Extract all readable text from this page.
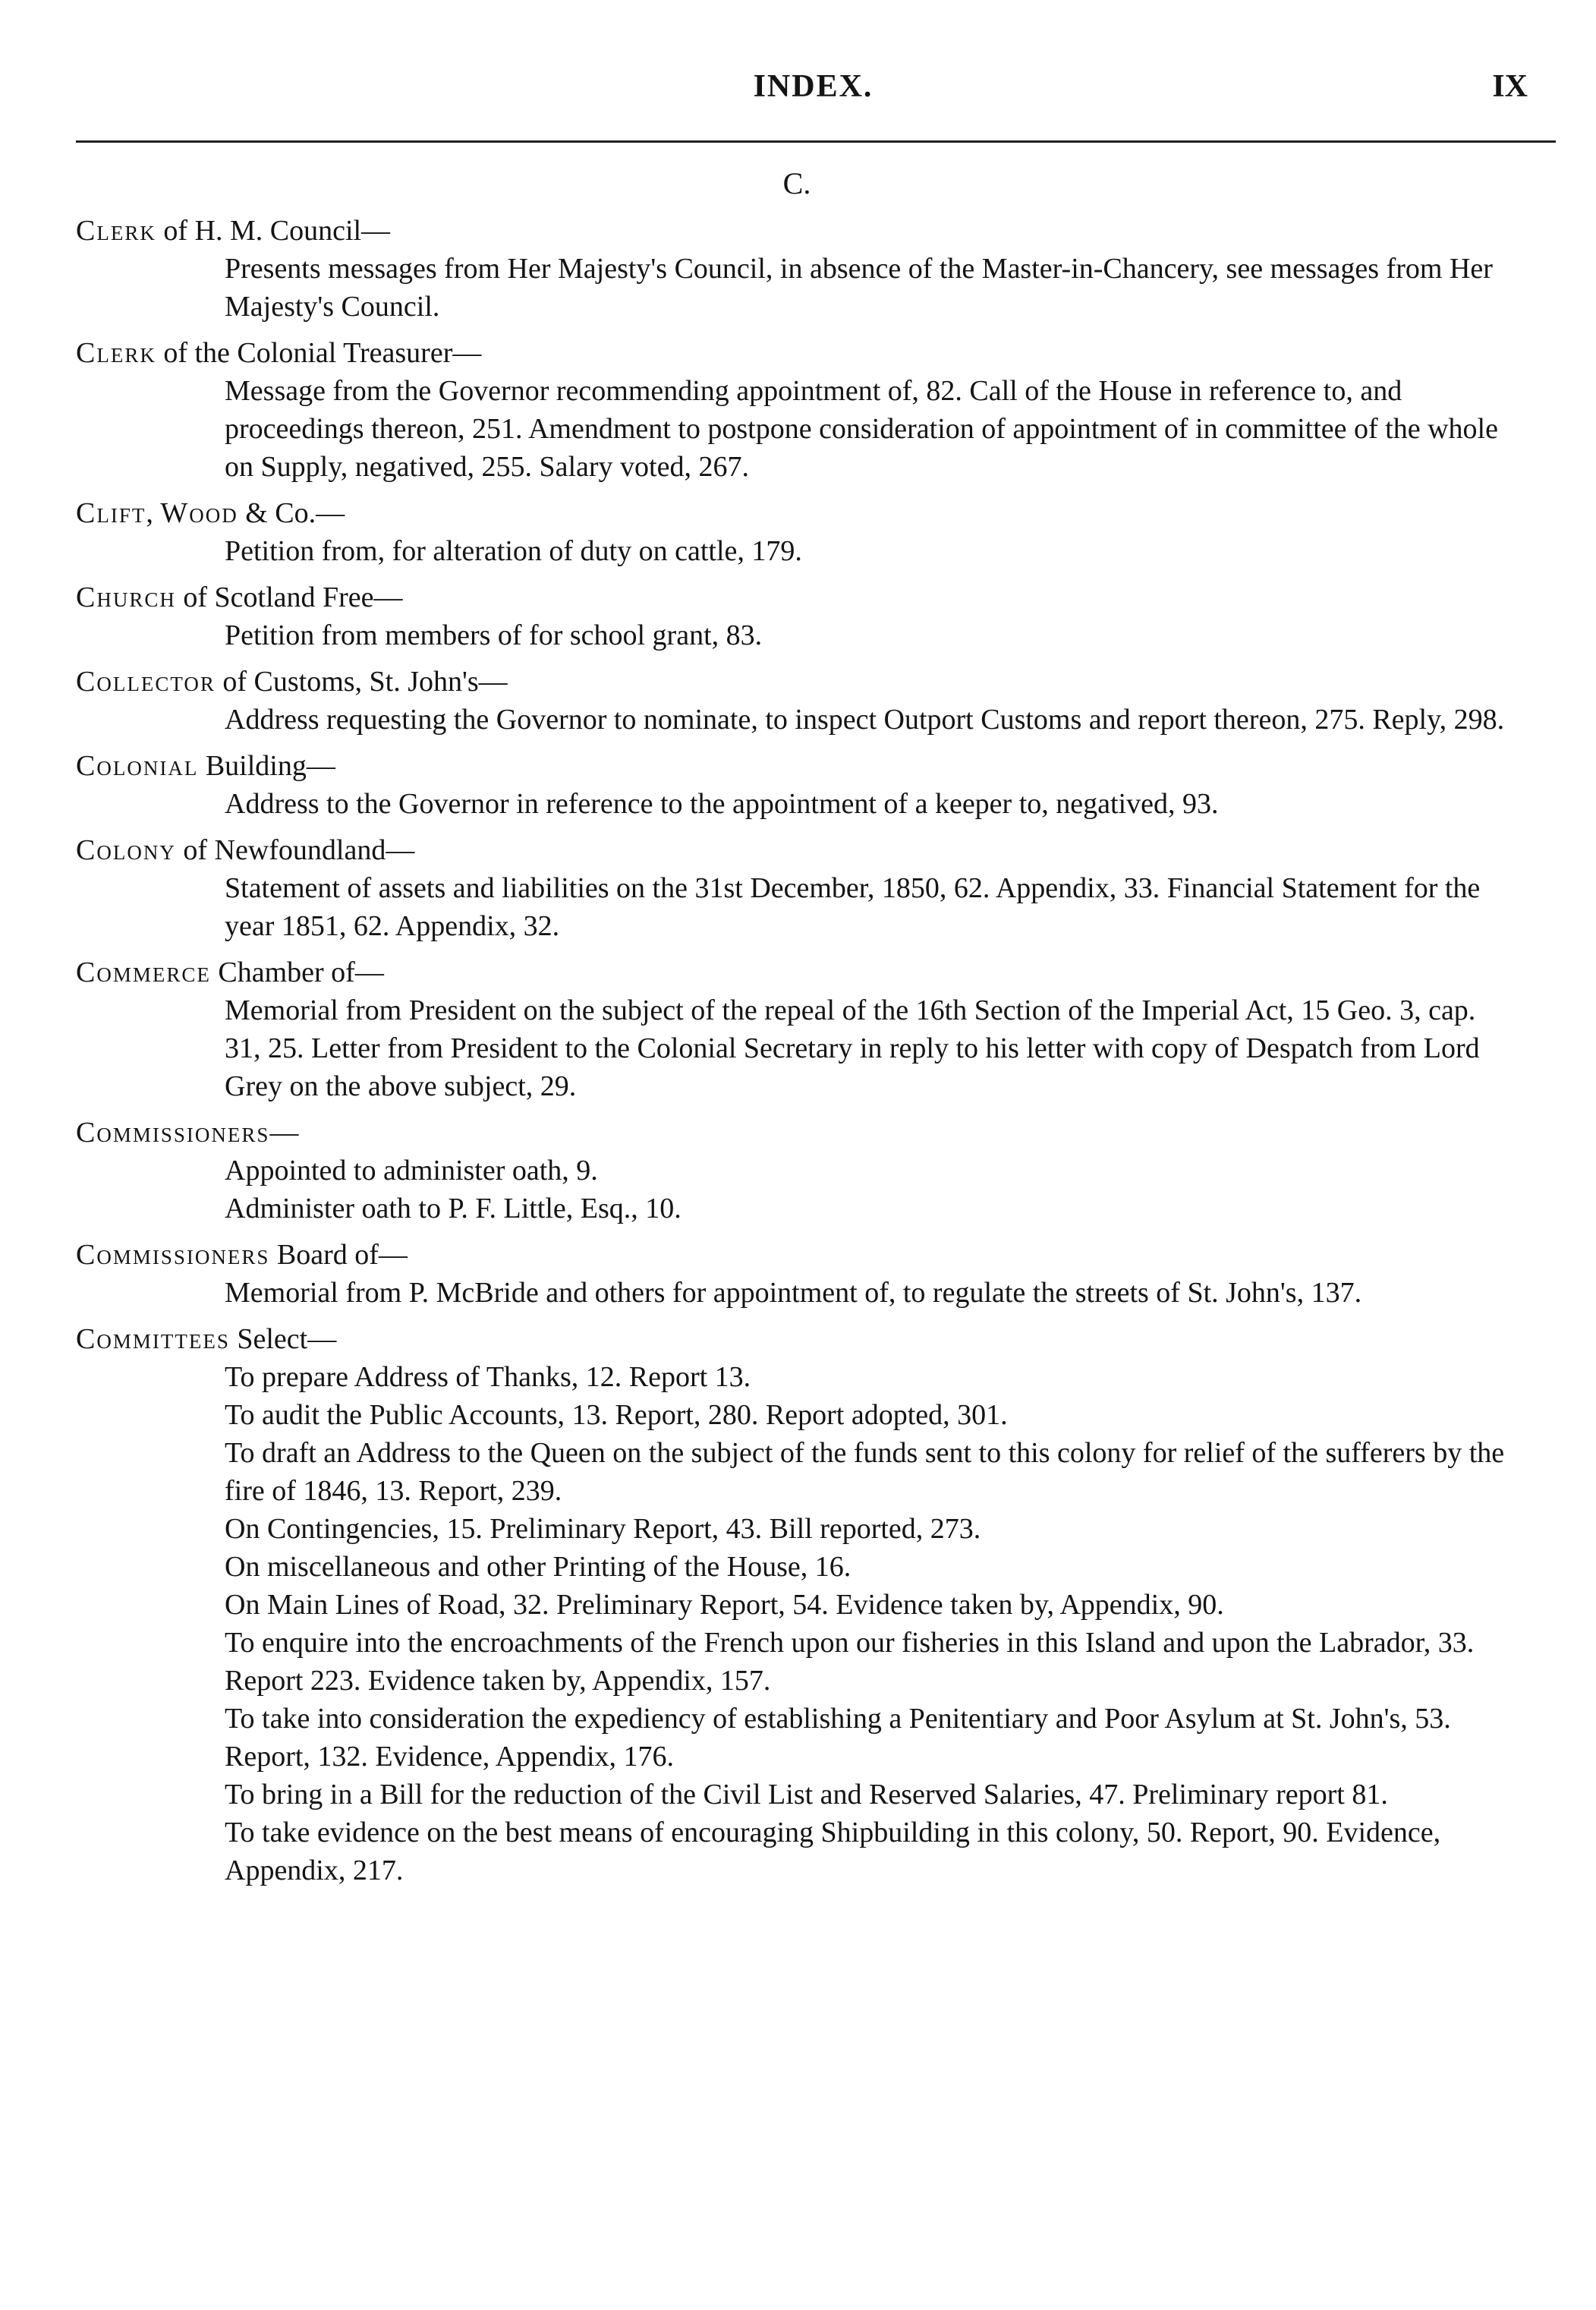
INDEX.	IX
C.
Clerk of H. M. Council—

Presents messages from Her Majesty's Council, in absence of the Master-in-Chancery, see messages from Her Majesty's Council.

Clerk of the Colonial Treasurer—

Message from the Governor recommending appointment of, 82. Call of the House in reference to, and proceedings thereon, 251. Amendment to postpone consideration of appointment of in committee of the whole on Supply, negatived, 255. Salary voted, 267.

Clift, Wood & Co.—

Petition from, for alteration of duty on cattle, 179.

Church of Scotland Free—

Petition from members of for school grant, 83.

Collector of Customs, St. John's—

Address requesting the Governor to nominate, to inspect Outport Customs and report thereon, 275. Reply, 298.

Colonial Building—

Address to the Governor in reference to the appointment of a keeper to, negatived, 93.

Colony of Newfoundland—

Statement of assets and liabilities on the 31st December, 1850, 62. Appendix, 33. Financial Statement for the year 1851, 62. Appendix, 32.

Commerce Chamber of—

Memorial from President on the subject of the repeal of the 16th Section of the Imperial Act, 15 Geo. 3, cap. 31, 25. Letter from President to the Colonial Secretary in reply to his letter with copy of Despatch from Lord Grey on the above subject, 29.

Commissioners—

Appointed to administer oath, 9.

Administer oath to P. F. Little, Esq., 10.

Commissioners Board of—

Memorial from P. McBride and others for appointment of, to regulate the streets of St. John's, 137.

Committees Select—

To prepare Address of Thanks, 12. Report 13.

To audit the Public Accounts, 13. Report, 280. Report adopted, 301.

To draft an Address to the Queen on the subject of the funds sent to this colony for relief of the sufferers by the fire of 1846, 13. Report, 239.

On Contingencies, 15. Preliminary Report, 43. Bill reported, 273.

On miscellaneous and other Printing of the House, 16.

On Main Lines of Road, 32. Preliminary Report, 54. Evidence taken by, Appendix, 90.

To enquire into the encroachments of the French upon our fisheries in this Island and upon the Labrador, 33. Report 223. Evidence taken by, Appendix, 157.

To take into consideration the expediency of establishing a Penitentiary and Poor Asylum at St. John's, 53. Report, 132. Evidence, Appendix, 176.

To bring in a Bill for the reduction of the Civil List and Reserved Salaries, 47. Preliminary report 81.

To take evidence on the best means of encouraging Shipbuilding in this colony, 50. Report, 90. Evidence, Appendix, 217.
